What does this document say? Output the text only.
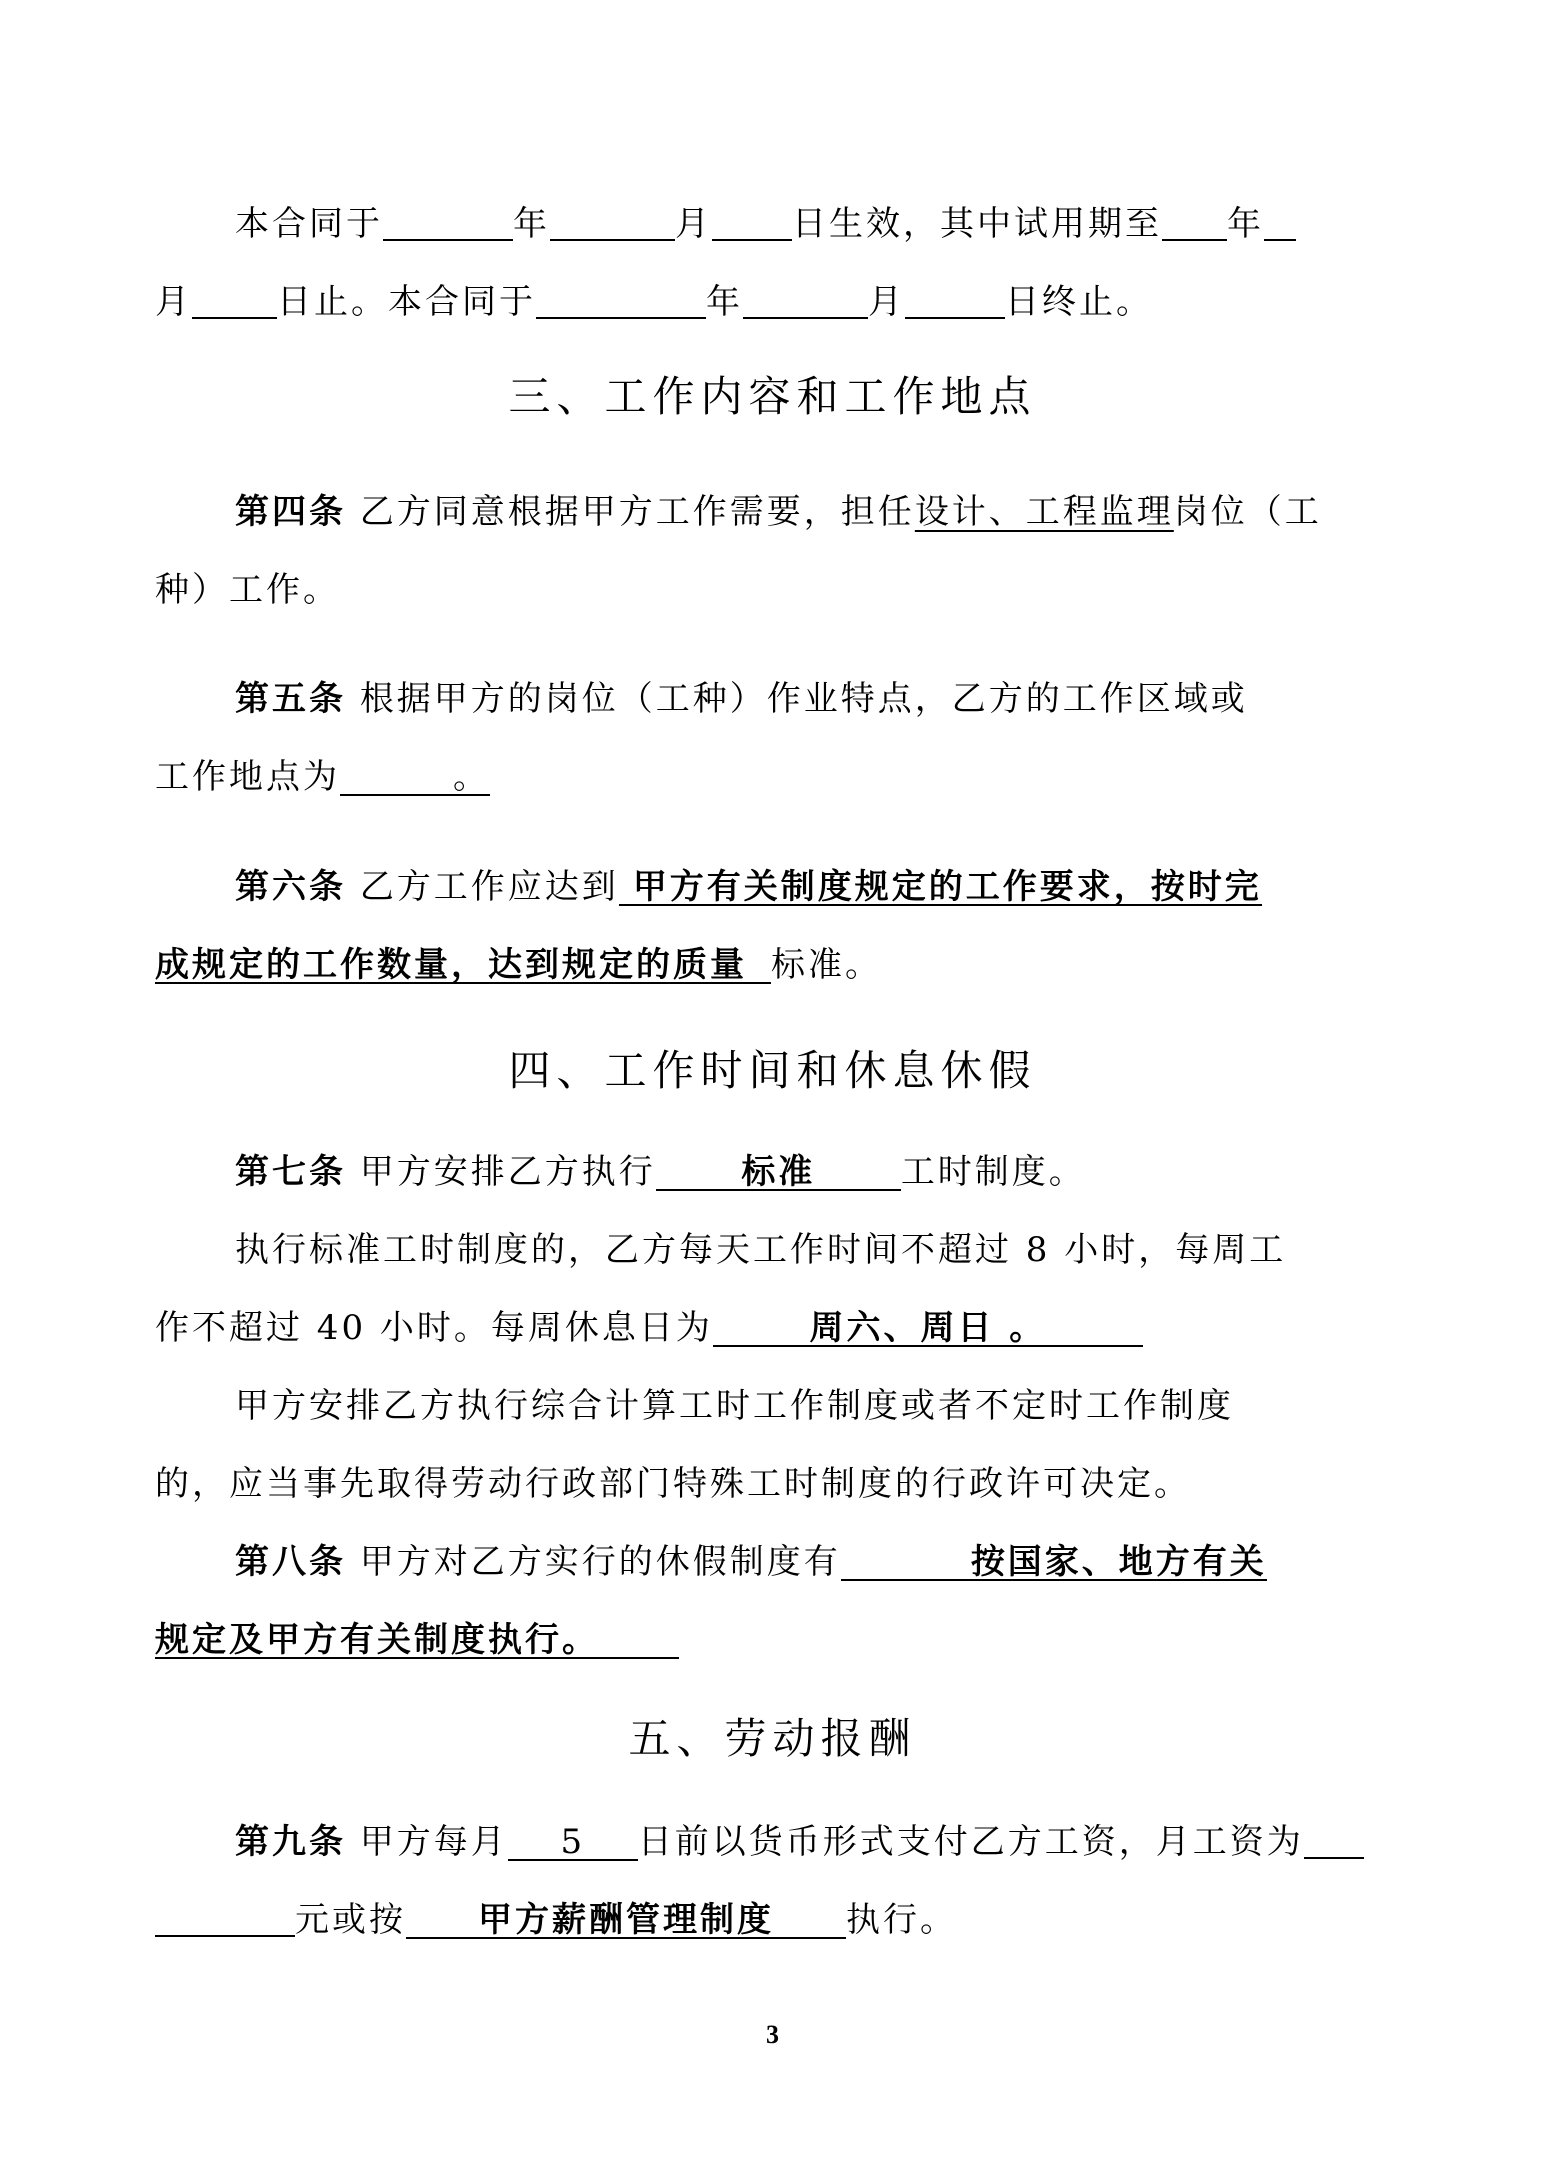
本合同于	年	月 日生效，其中试用期至 年
月	日止。本合同于	年	月	日终止。
三、工作内容和工作地点
第四条 乙方同意根据甲方工作需要，担任设计、工程监理岗位（工
种）工作。
第五条 根据甲方的岗位（工种）作业特点，乙方的工作区域或
工作地点为	。
第六条 乙方工作应达到 甲方有关制度规定的工作要求，按时完
成规定的工作数量，达到规定的质量 标准。
四、工作时间和休息休假
第七条 甲方安排乙方执行	标准	工时制度。
执行标准工时制度的，乙方每天工作时间不超过 8 小时，每周工
作不超过 40 小时。每周休息日为	周六、周日 。
甲方安排乙方执行综合计算工时工作制度或者不定时工作制度
的，应当事先取得劳动行政部门特殊工时制度的行政许可决定。
第八条 甲方对乙方实行的休假制度有	按国家、地方有关
规定及甲方有关制度执行。
五、劳动报酬
第九条 甲方每月 5 日前以货币形式支付乙方工资，月工资为
元或按 甲方薪酬管理制度 执行。
3
